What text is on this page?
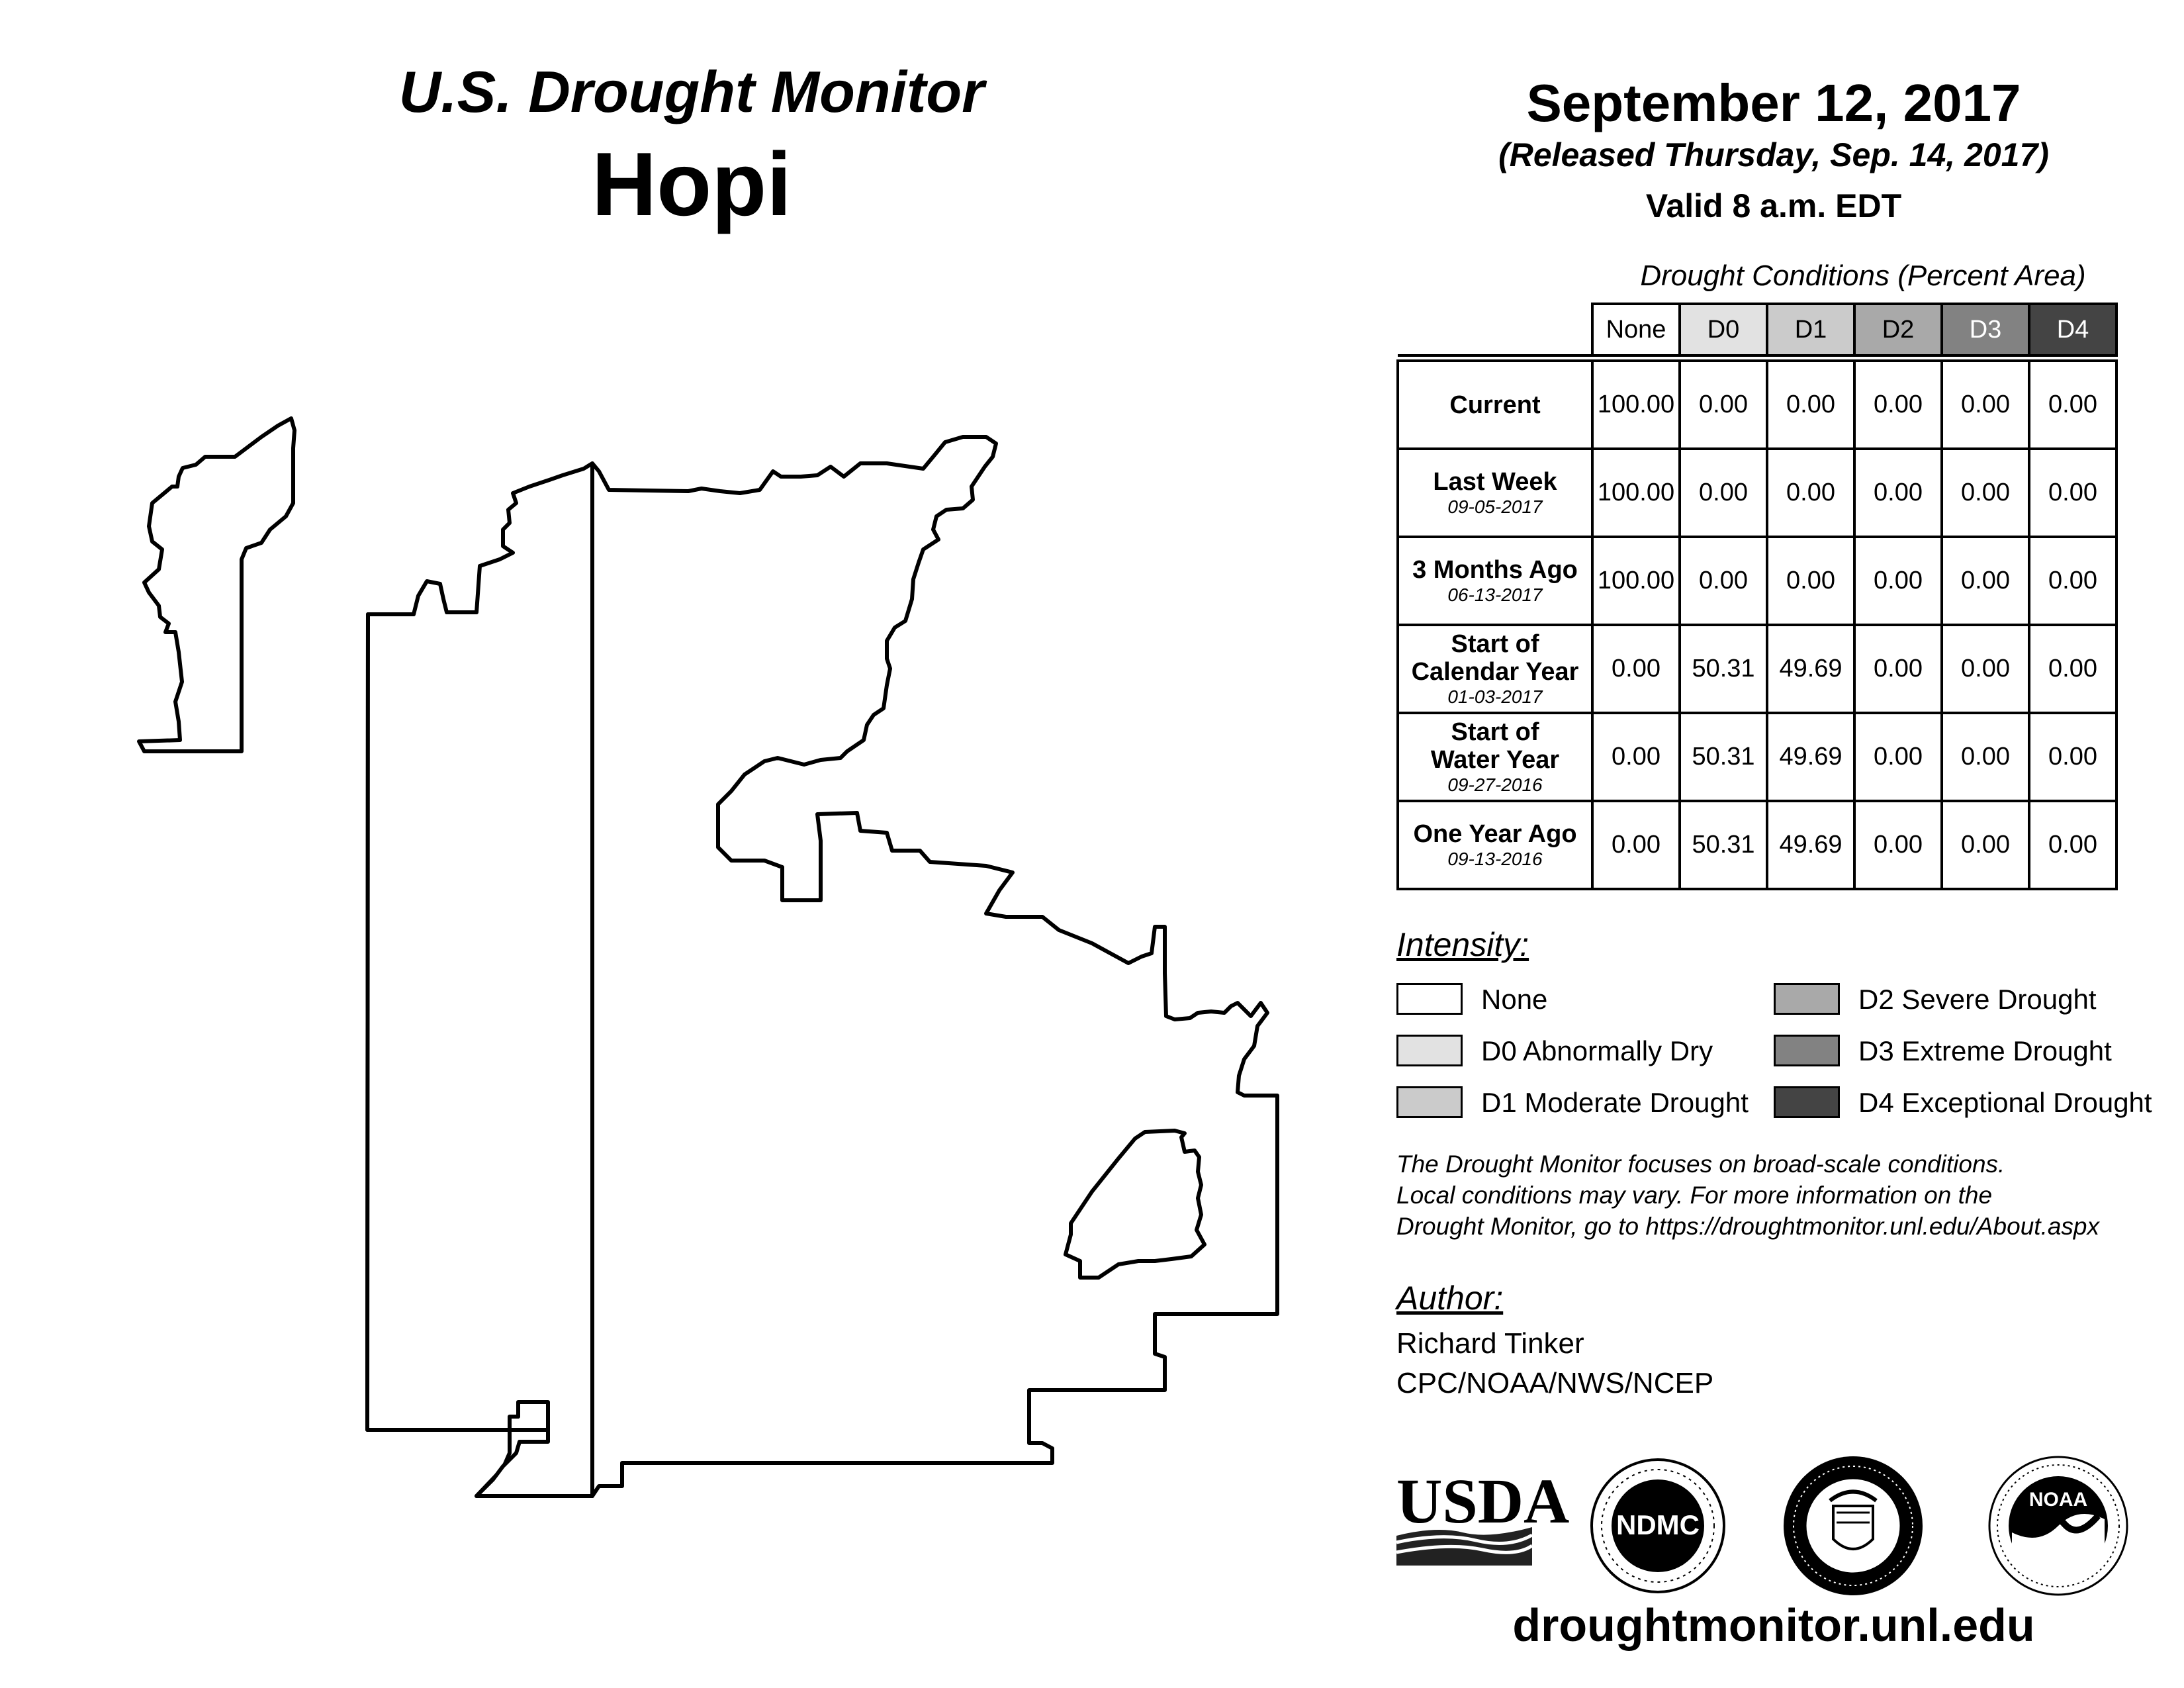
U.S. Drought Monitor
Hopi
September 12, 2017
(Released Thursday, Sep. 14, 2017)
Valid 8 a.m. EDT
Drought Conditions (Percent Area)
	None	D0	D1	D2	D3	D4

Current	100.00	0.00	0.00	0.00	0.00	0.00

Last Week
09-05-2017	100.00	0.00	0.00	0.00	0.00	0.00

3 Months Ago
06-13-2017	100.00	0.00	0.00	0.00	0.00	0.00

Start of
Calendar Year
01-03-2017	0.00	50.31	49.69	0.00	0.00	0.00

Start of
Water Year
09-27-2016	0.00	50.31	49.69	0.00	0.00	0.00

One Year Ago
09-13-2016	0.00	50.31	49.69	0.00	0.00	0.00
Intensity:
None
D0 Abnormally Dry
D1 Moderate Drought
D2 Severe Drought
D3 Extreme Drought
D4 Exceptional Drought
The Drought Monitor focuses on broad-scale conditions.
Local conditions may vary. For more information on the
Drought Monitor, go to https://droughtmonitor.unl.edu/About.aspx
Author:
Richard Tinker
CPC/NOAA/NWS/NCEP
USDA NDMC
NOAA
droughtmonitor.unl.edu
